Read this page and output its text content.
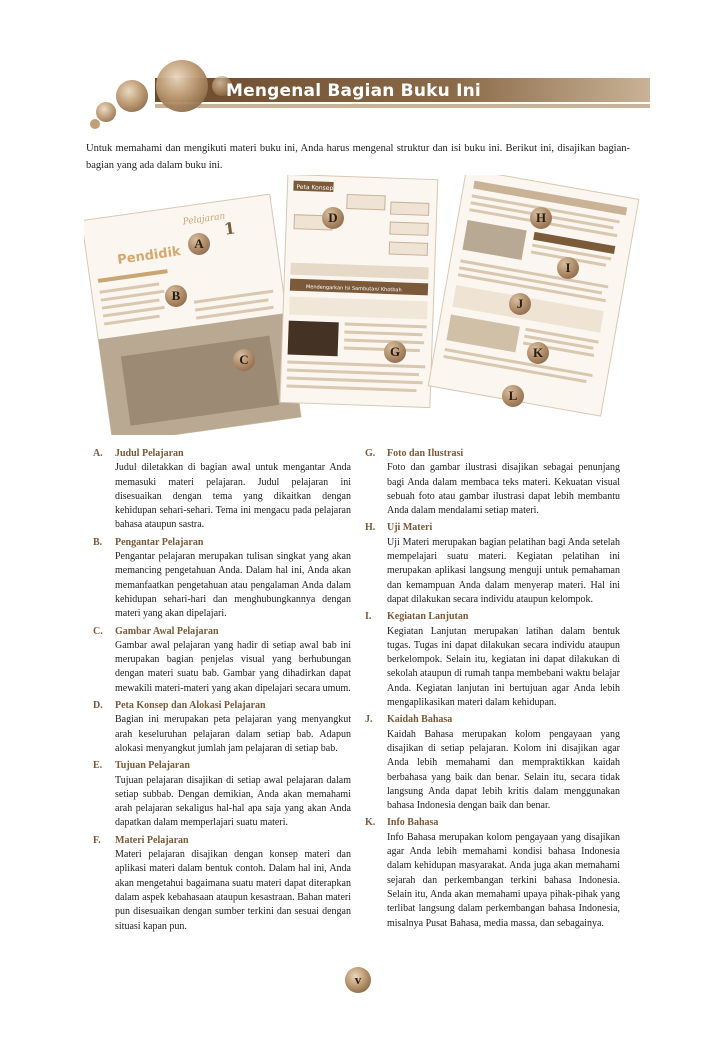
Mengenal Bagian Buku Ini
Untuk memahami dan mengikuti materi buku ini, Anda harus mengenal struktur dan isi buku ini. Berikut ini, disajikan bagian-bagian yang ada dalam buku ini.
Pendidik
Pelajaran
1
Peta Konsep
Mendengarkan Isi Sambutan/ Khotbah
A
B
C
D
G
H
I
J
K
L
A.	Judul Pelajaran
Judul diletakkan di bagian awal untuk mengantar Anda memasuki materi pelajaran. Judul pelajaran ini disesuaikan dengan tema yang dikaitkan dengan kehidupan sehari-sehari. Tema ini mengacu pada pelajaran bahasa ataupun sastra.
B.	Pengantar Pelajaran
Pengantar pelajaran merupakan tulisan singkat yang akan memancing pengetahuan Anda. Dalam hal ini, Anda akan memanfaatkan pengetahuan atau pengalaman Anda dalam kehidupan sehari-hari dan menghubungkannya dengan materi yang akan dipelajari.
C.	Gambar Awal Pelajaran
Gambar awal pelajaran yang hadir di setiap awal bab ini merupakan bagian penjelas visual yang berhubungan dengan materi suatu bab. Gambar yang dihadirkan dapat mewakili materi-materi yang akan dipelajari secara umum.
D.	Peta Konsep dan Alokasi Pelajaran
Bagian ini merupakan peta pelajaran yang menyangkut arah keseluruhan pelajaran dalam setiap bab. Adapun alokasi menyangkut jumlah jam pelajaran di setiap bab.
E.	Tujuan Pelajaran
Tujuan pelajaran disajikan di setiap awal pelajaran dalam setiap subbab. Dengan demikian, Anda akan memahami arah pelajaran sekaligus hal-hal apa saja yang akan Anda dapatkan dalam memperlajari suatu materi.
F.	Materi Pelajaran
Materi pelajaran disajikan dengan konsep materi dan aplikasi materi dalam bentuk contoh. Dalam hal ini, Anda akan mengetahui bagaimana suatu materi dapat diterapkan dalam aspek kebahasaan ataupun kesastraan. Bahan materi pun disesuaikan dengan sumber terkini dan sesuai dengan situasi kapan pun.
G.	Foto dan Ilustrasi
Foto dan gambar ilustrasi disajikan sebagai penunjang bagi Anda dalam membaca teks materi. Kekuatan visual sebuah foto atau gambar ilustrasi dapat lebih membantu Anda dalam mendalami setiap materi.
H.	Uji Materi
Uji Materi merupakan bagian pelatihan bagi Anda setelah mempelajari suatu materi. Kegiatan pelatihan ini merupakan aplikasi langsung menguji untuk pemahaman dan kemampuan Anda dalam menyerap materi. Hal ini dapat dilakukan secara individu ataupun kelompok.
I.	Kegiatan Lanjutan
Kegiatan Lanjutan merupakan latihan dalam bentuk tugas. Tugas ini dapat dilakukan secara individu ataupun berkelompok. Selain itu, kegiatan ini dapat dilakukan di sekolah ataupun di rumah tanpa membebani waktu belajar Anda. Kegiatan lanjutan ini bertujuan agar Anda lebih mengaplikasikan materi dalam kehidupan.
J.	Kaidah Bahasa
Kaidah Bahasa merupakan kolom pengayaan yang disajikan di setiap pelajaran. Kolom ini disajikan agar Anda lebih memahami dan mempraktikkan kaidah berbahasa yang baik dan benar. Selain itu, secara tidak langsung Anda dapat lebih kritis dalam menggunakan bahasa Indonesia dengan baik dan benar.
K.	Info Bahasa
Info Bahasa merupakan kolom pengayaan yang disajikan agar Anda lebih memahami kondisi bahasa Indonesia dalam kehidupan masyarakat. Anda juga akan memahami sejarah dan perkembangan terkini bahasa Indonesia. Selain itu, Anda akan memahami upaya pihak-pihak yang terlibat langsung dalam perkembangan bahasa Indonesia, misalnya Pusat Bahasa, media massa, dan sebagainya.
v
